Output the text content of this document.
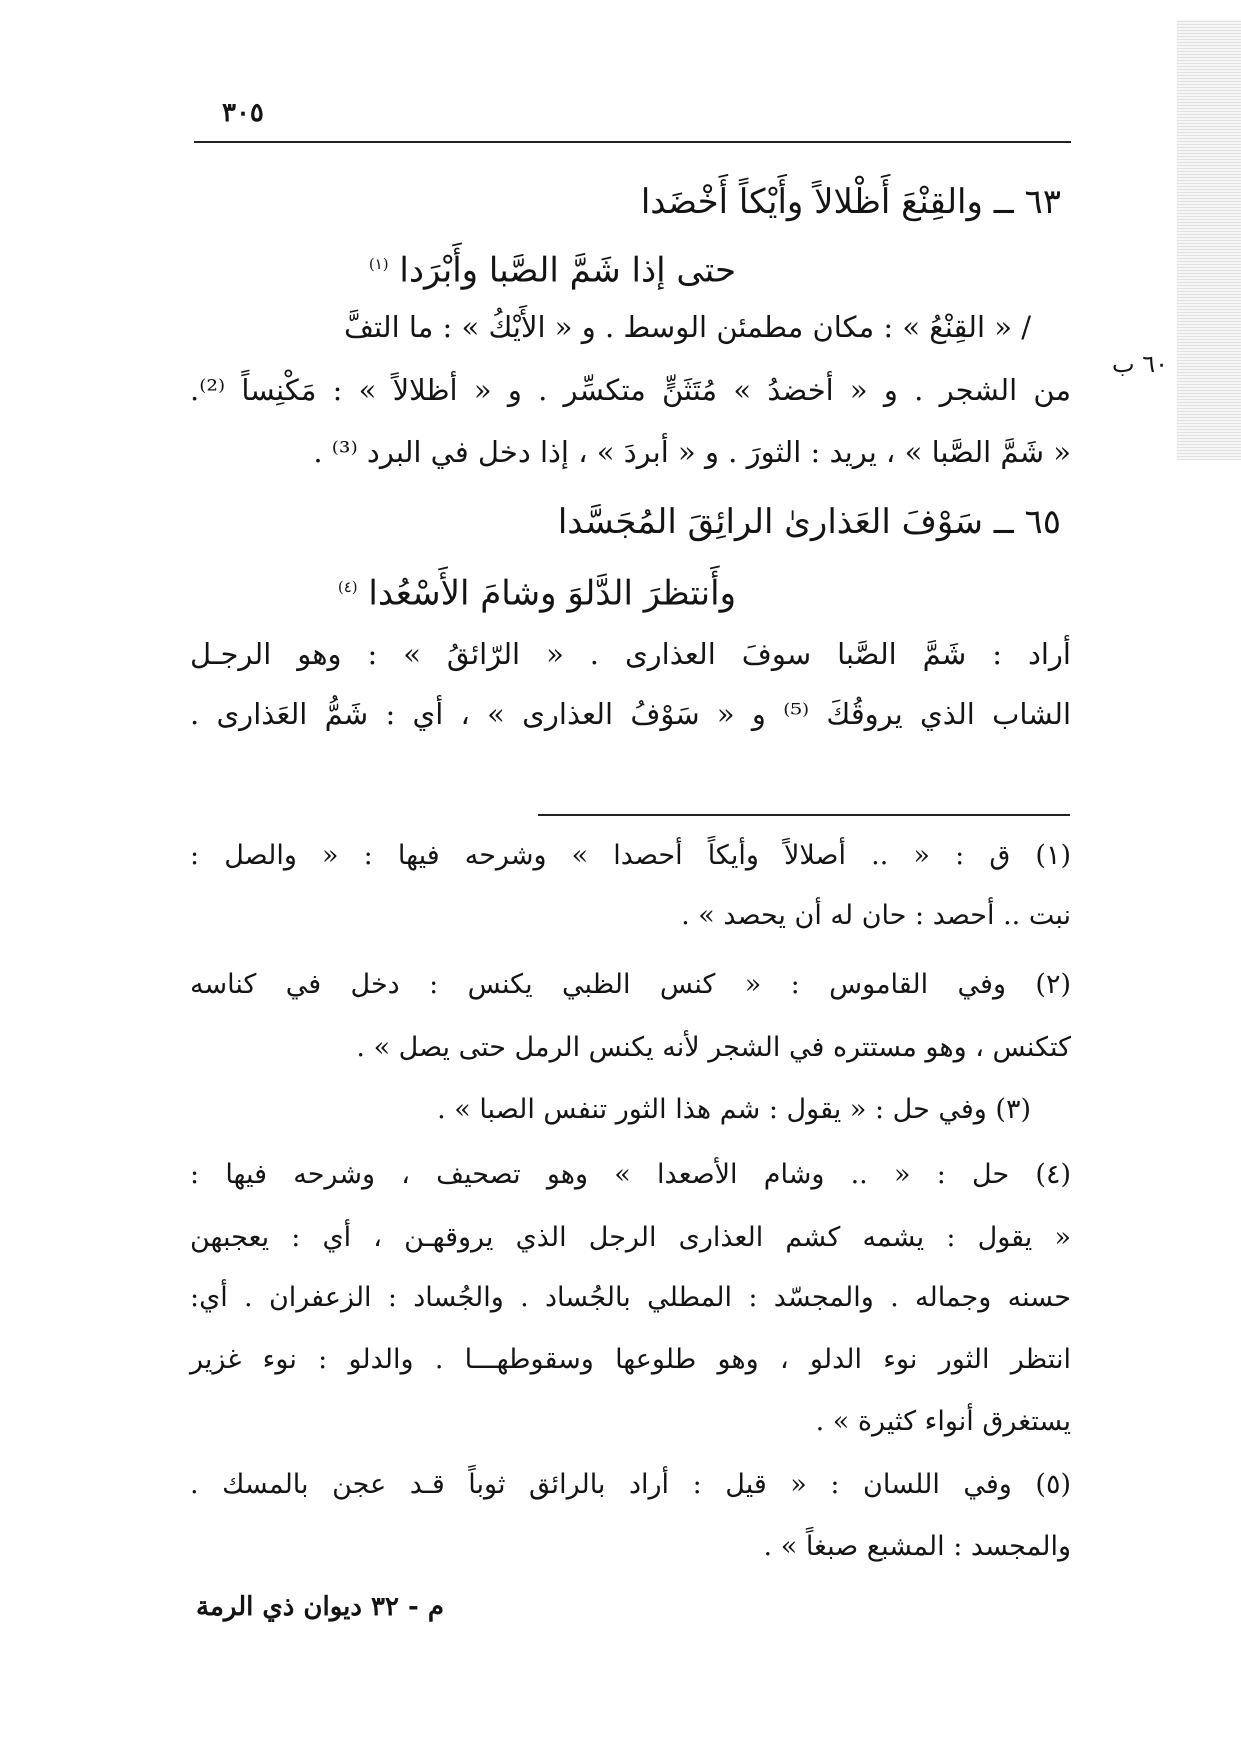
٣٠٥
٦٠ ب
٦٣ ــ والقِنْعَ أَظْلالاً وأَيْكاً أَخْضَدا
حتى إذا شَمَّ الصَّبا وأَبْرَدا $^{(١)}$
/ « القِنْعُ » : مكان مطمئن الوسط . و « الأَيْكُ » : ما التفَّ
من الشجر . و « أخضدُ » مُتَثَنٍّ متكسِّر . و « أظلالاً » : مَكْنِساً ⁽²⁾.
« شَمَّ الصَّبا » ، يريد : الثورَ . و « أبردَ » ، إذا دخل في البرد ⁽³⁾ .
٦٥ ــ سَوْفَ العَذارىٰ الرائِقَ المُجَسَّدا
وأَنتظرَ الدَّلوَ وشامَ الأَسْعُدا $^{(٤)}$
أراد : شَمَّ الصَّبا سوفَ العذارى . « الرّائقُ » : وهو الرجـل
الشاب الذي يروقُكَ ⁽⁵⁾ و « سَوْفُ العذارى » ، أي : شَمُّ العَذارى .
(١) ق : « .. أصلالاً وأيكاً أحصدا » وشرحه فيها : « والصل :
نبت .. أحصد : حان له أن يحصد » .
(٢) وفي القاموس : « كنس الظبي يكنس : دخل في كناسه
كتكنس ، وهو مستتره في الشجر لأنه يكنس الرمل حتى يصل » .
(٣) وفي حل : « يقول : شم هذا الثور تنفس الصبا » .
(٤) حل : « .. وشام الأصعدا » وهو تصحيف ، وشرحه فيها :
« يقول : يشمه كشم العذارى الرجل الذي يروقهـن ، أي : يعجبهن
حسنه وجماله . والمجسّد : المطلي بالجُساد . والجُساد : الزعفران . أي:
انتظر الثور نوء الدلو ، وهو طلوعها وسقوطهـــا . والدلو : نوء غزير
يستغرق أنواء كثيرة » .
(٥) وفي اللسان : « قيل : أراد بالرائق ثوباً قـد عجن بالمسك .
والمجسد : المشبع صبغاً » .
م - ٣٢ ديوان ذي الرمة
